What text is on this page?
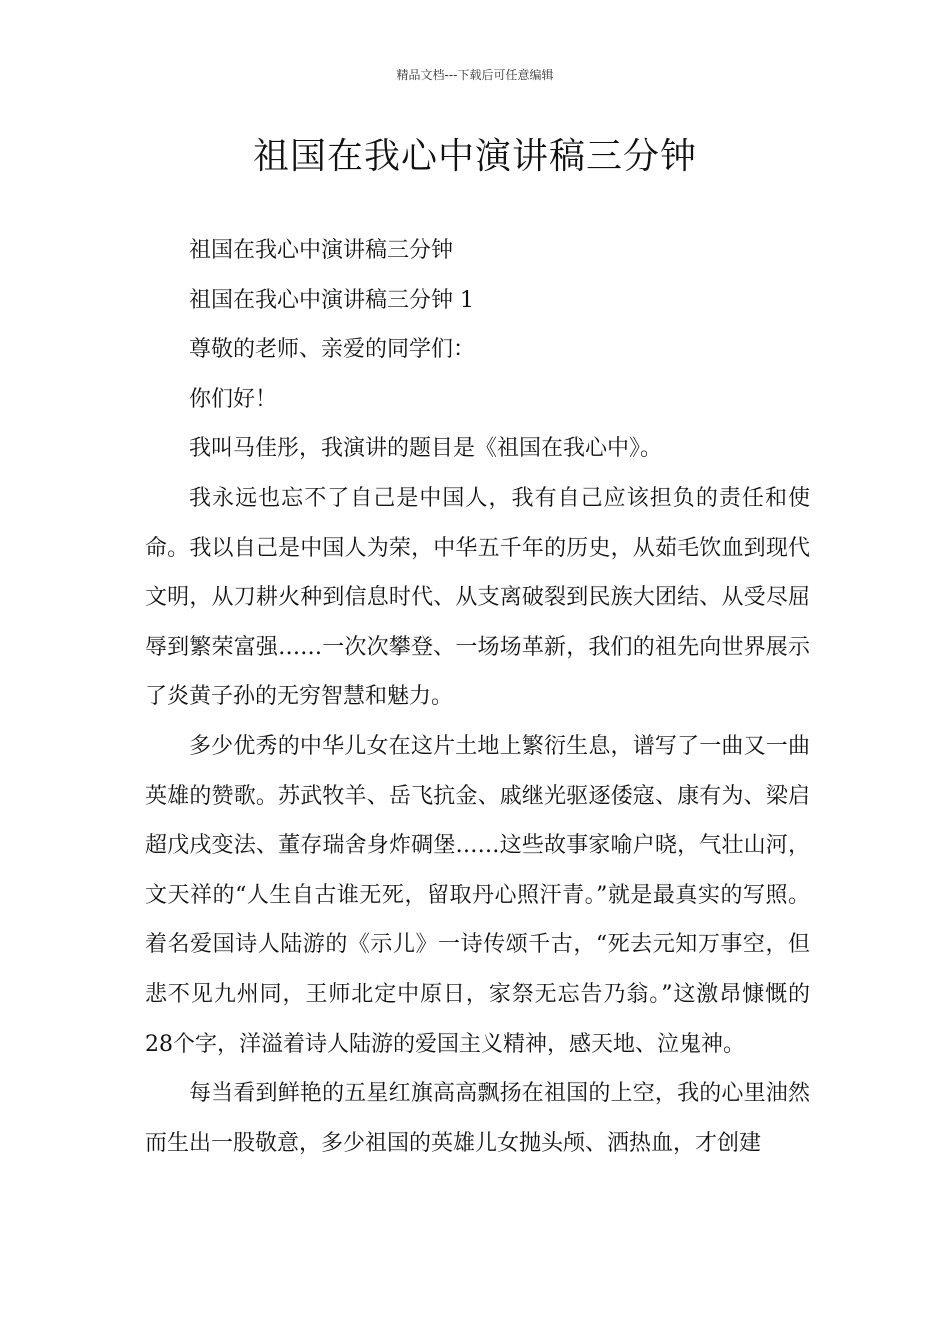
精品文档---下载后可任意编辑
祖国在我心中演讲稿三分钟
祖国在我心中演讲稿三分钟
祖国在我心中演讲稿三分钟 1
尊敬的老师、亲爱的同学们：
你们好！
我叫马佳彤，我演讲的题目是《祖国在我心中》。

我永远也忘不了自己是中国人，我有自己应该担负的责任和使命。我以自己是中国人为荣，中华五千年的历史，从茹毛饮血到现代文明，从刀耕火种到信息时代、从支离破裂到民族大团结、从受尽屈辱到繁荣富强……一次次攀登、一场场革新，我们的祖先向世界展示了炎黄子孙的无穷智慧和魅力。

多少优秀的中华儿女在这片土地上繁衍生息，谱写了一曲又一曲英雄的赞歌。苏武牧羊、岳飞抗金、戚继光驱逐倭寇、康有为、梁启超戊戌变法、董存瑞舍身炸碉堡……这些故事家喻户晓，气壮山河，文天祥的“人生自古谁无死，留取丹心照汗青。”就是最真实的写照。着名爱国诗人陆游的《示儿》一诗传颂千古，“死去元知万事空，但悲不见九州同，王师北定中原日，家祭无忘告乃翁。”这激昂慷慨的28个字，洋溢着诗人陆游的爱国主义精神，感天地、泣鬼神。

每当看到鲜艳的五星红旗高高飘扬在祖国的上空，我的心里油然而生出一股敬意，多少祖国的英雄儿女抛头颅、洒热血，才创建
